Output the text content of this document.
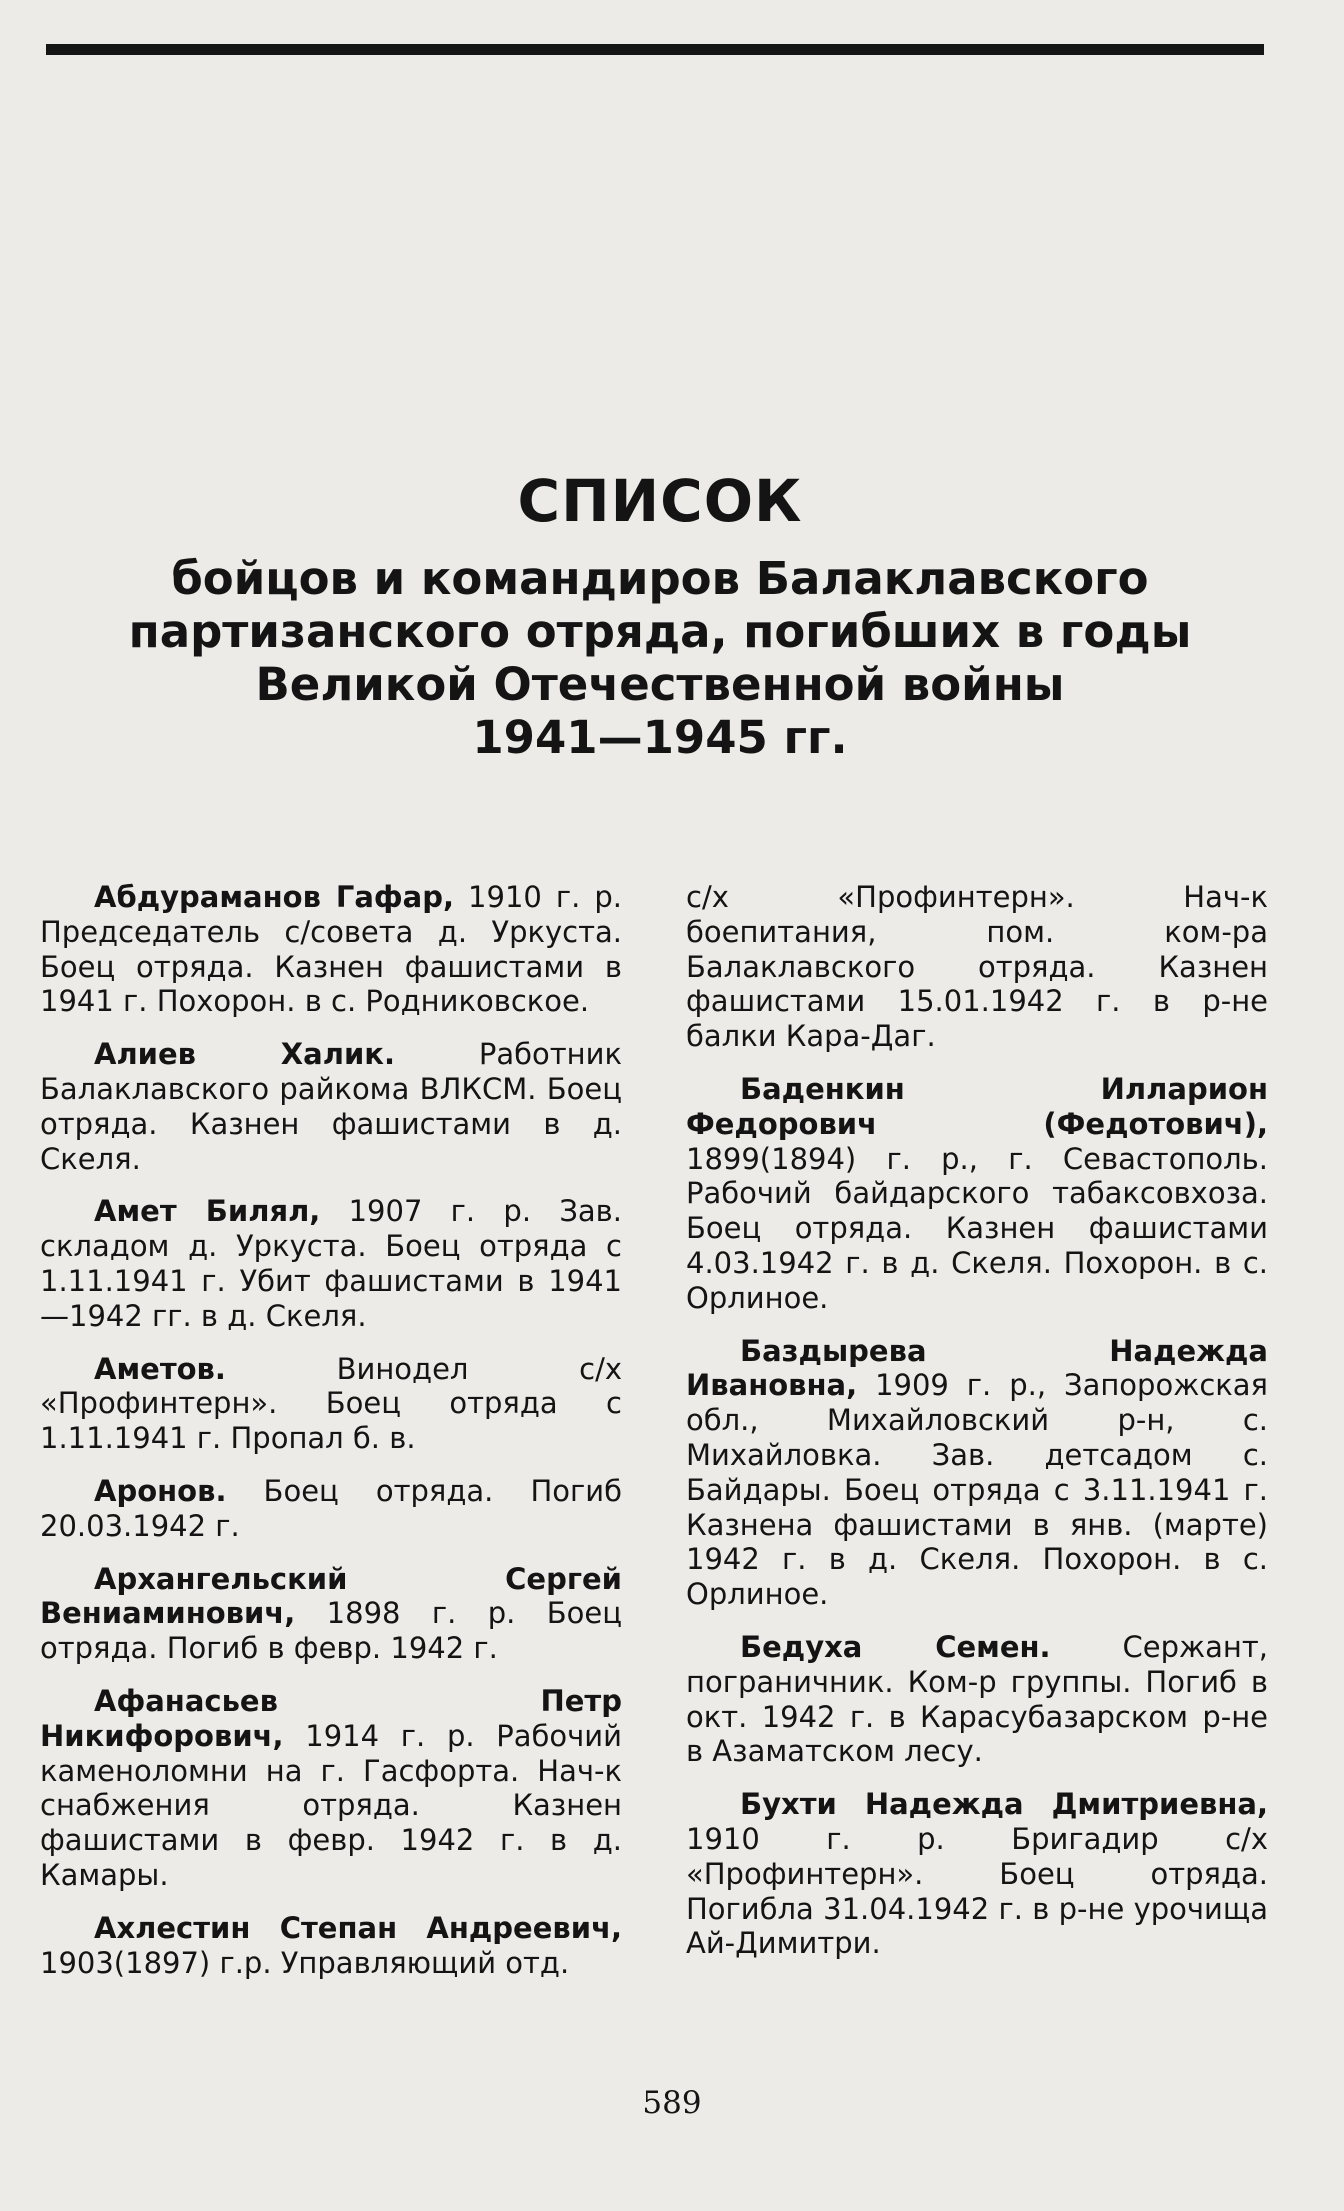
СПИСОК
бойцов и командиров Балаклавского партизанского отряда, погибших в годы Великой Отечественной войны
1941—1945 гг.

Абдураманов Гафар, 1910 г. р. Председатель с/совета д. Уркуста. Боец отряда. Казнен фашистами в 1941 г. Похорон. в с. Родниковское.

Алиев Халик. Работник Балаклавского райкома ВЛКСМ. Боец отряда. Казнен фашистами в д. Скеля.

Амет Билял, 1907 г. р. Зав. складом д. Уркуста. Боец отряда с 1.11.1941 г. Убит фашистами в 1941—1942 гг. в д. Скеля.

Аметов. Винодел с/х «Профинтерн». Боец отряда с 1.11.1941 г. Пропал б. в.

Аронов. Боец отряда. Погиб 20.03.1942 г.

Архангельский Сергей Вениаминович, 1898 г. р. Боец отряда. Погиб в февр. 1942 г.

Афанасьев Петр Никифорович, 1914 г. р. Рабочий каменоломни на г. Гасфорта. Нач-к снабжения отряда. Казнен фашистами в февр. 1942 г. в д. Камары.

Ахлестин Степан Андреевич, 1903(1897) г.р. Управляющий отд.

с/х «Профинтерн». Нач-к боепитания, пом. ком-ра Балаклавского отряда. Казнен фашистами 15.01.1942 г. в р-не балки Кара-Даг.

Баденкин Илларион Федорович (Федотович), 1899(1894) г. р., г. Севастополь. Рабочий байдарского табаксовхоза. Боец отряда. Казнен фашистами 4.03.1942 г. в д. Скеля. Похорон. в с. Орлиное.

Баздырева Надежда Ивановна, 1909 г. р., Запорожская обл., Михайловский р-н, с. Михайловка. Зав. детсадом с. Байдары. Боец отряда с 3.11.1941 г. Казнена фашистами в янв. (марте) 1942 г. в д. Скеля. Похорон. в с. Орлиное.

Бедуха Семен. Сержант, пограничник. Ком-р группы. Погиб в окт. 1942 г. в Карасубазарском р-не в Азаматском лесу.

Бухти Надежда Дмитриевна, 1910 г. р. Бригадир с/х «Профинтерн». Боец отряда. Погибла 31.04.1942 г. в р-не урочища Ай-Димитри.

589
